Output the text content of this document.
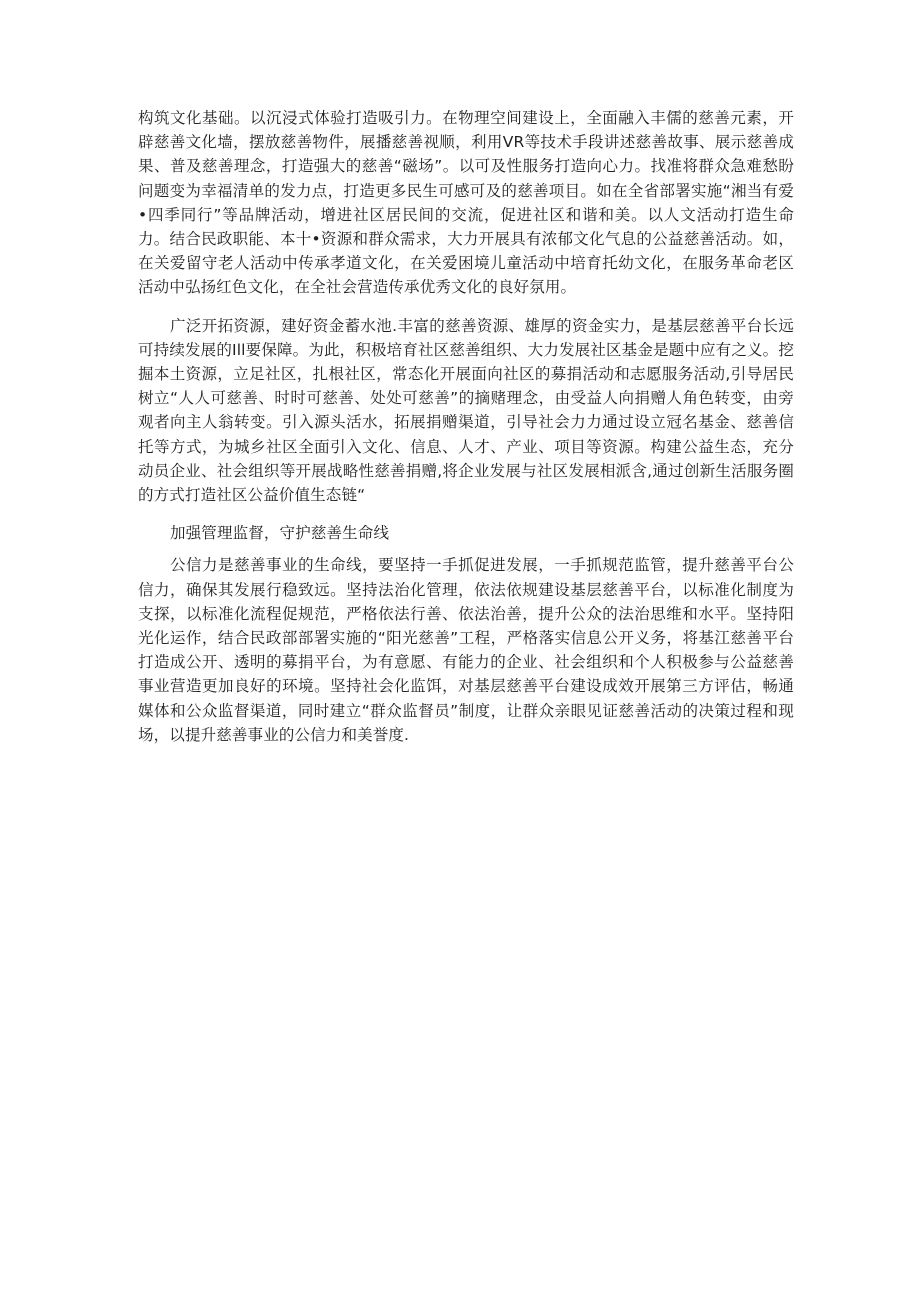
构筑文化基础。以沉浸式体验打造吸引力。在物理空间建设上，全面融入丰儒的慈善元素，开辟慈善文化墙，摆放慈善物件，展播慈善视顺，利用VR等技术手段讲述慈善故事、展示慈善成果、普及慈善理念，打造强大的慈善“磁场”。以可及性服务打造向心力。找准将群众急难愁盼问题变为幸福清单的发力点，打造更多民生可感可及的慈善项目。如在全省部署实施“湘当有爱•四季同行”等品牌活动，增进社区居民间的交流，促进社区和谐和美。以人文活动打造生命力。结合民政职能、本十•资源和群众需求，大力开展具有浓郁文化气息的公益慈善活动。如，在关爱留守老人活动中传承孝道文化，在关爱困境儿童活动中培育托幼文化，在服务革命老区活动中弘扬红色文化，在全社会营造传承优秀文化的良好氛用。

广泛开拓资源，建好资金蓄水池.丰富的慈善资源、雄厚的资金实力，是基层慈善平台长远可持续发展的Ill要保障。为此，积极培育社区慈善组织、大力发展社区基金是题中应有之义。挖掘本土资源，立足社区，扎根社区，常态化开展面向社区的募捐活动和志愿服务活动,引导居民树立“人人可慈善、时时可慈善、处处可慈善”的摘赌理念，由受益人向捐赠人角色转变，由旁观者向主人翁转变。引入源头活水，拓展捐赠渠道，引导社会力力通过设立冠名基金、慈善信托等方式，为城乡社区全面引入文化、信息、人才、产业、项目等资源。构建公益生态，充分动员企业、社会组织等开展战略性慈善捐赠,将企业发展与社区发展相派含,通过创新生活服务圈的方式打造社区公益价值生态链“

加强管理监督，守护慈善生命线

公信力是慈善事业的生命线，要坚持一手抓促进发展，一手抓规范监管，提升慈善平台公信力，确保其发展行稳致远。坚持法治化管理，依法依规建设基层慈善平台，以标准化制度为支探，以标准化流程促规范，严格依法行善、依法治善，提升公众的法治思维和水平。坚持阳光化运作，结合民政部部署实施的“阳光慈善”工程，严格落实信息公开义务，将基江慈善平台打造成公开、透明的募捐平台，为有意愿、有能力的企业、社会组织和个人积极参与公益慈善事业营造更加良好的环境。坚持社会化监饵，对基层慈善平台建设成效开展第三方评估，畅通媒体和公众监督渠道，同时建立“群众监督员”制度，让群众亲眼见证慈善活动的决策过程和现场，以提升慈善事业的公信力和美誉度.
